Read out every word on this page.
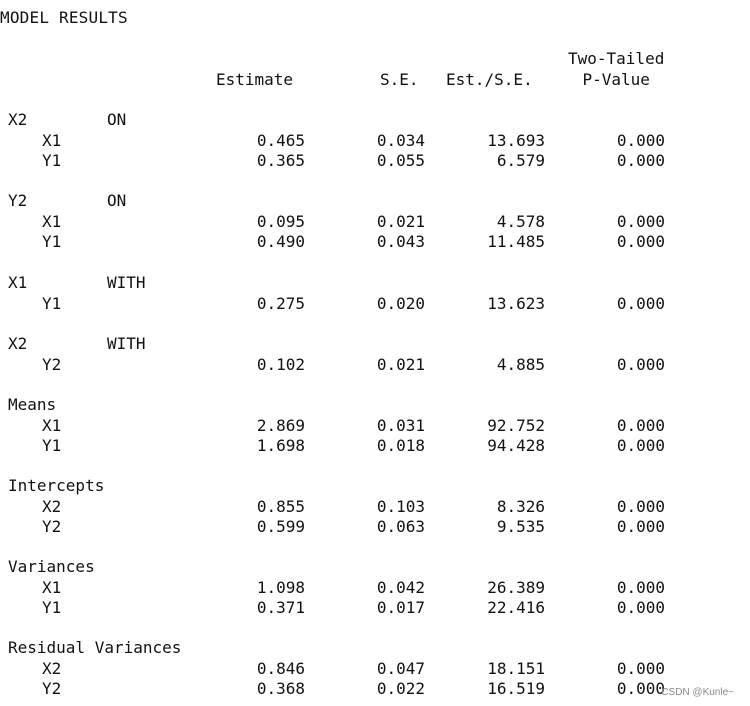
MODEL RESULTS
Estimate	S.E. Est./S.E.
Two-Tailed
P-Value
X2	ON
X1	0.465	0.034	13.693	0.000
Y1	0.365	0.055	6.579	0.000
Y2	ON
X1	0.095	0.021	4.578	0.000
Y1	0.490	0.043	11.485	0.000
X1	WITH
Y1	0.275	0.020	13.623	0.000
X2	WITH
Y2	0.102	0.021	4.885	0.000
Means
X1	2.869	0.031	92.752	0.000
Y1	1.698	0.018	94.428	0.000
Intercepts
X2	0.855	0.103	8.326	0.000
Y2	0.599	0.063	9.535	0.000
Variances
X1	1.098	0.042	26.389	0.000
Y1	0.371	0.017	22.416	0.000
Residual Variances
X2	0.846	0.047	18.151	0.000
Y2	0.368	0.022	16.519	0.000
CSDN @Kunle~
